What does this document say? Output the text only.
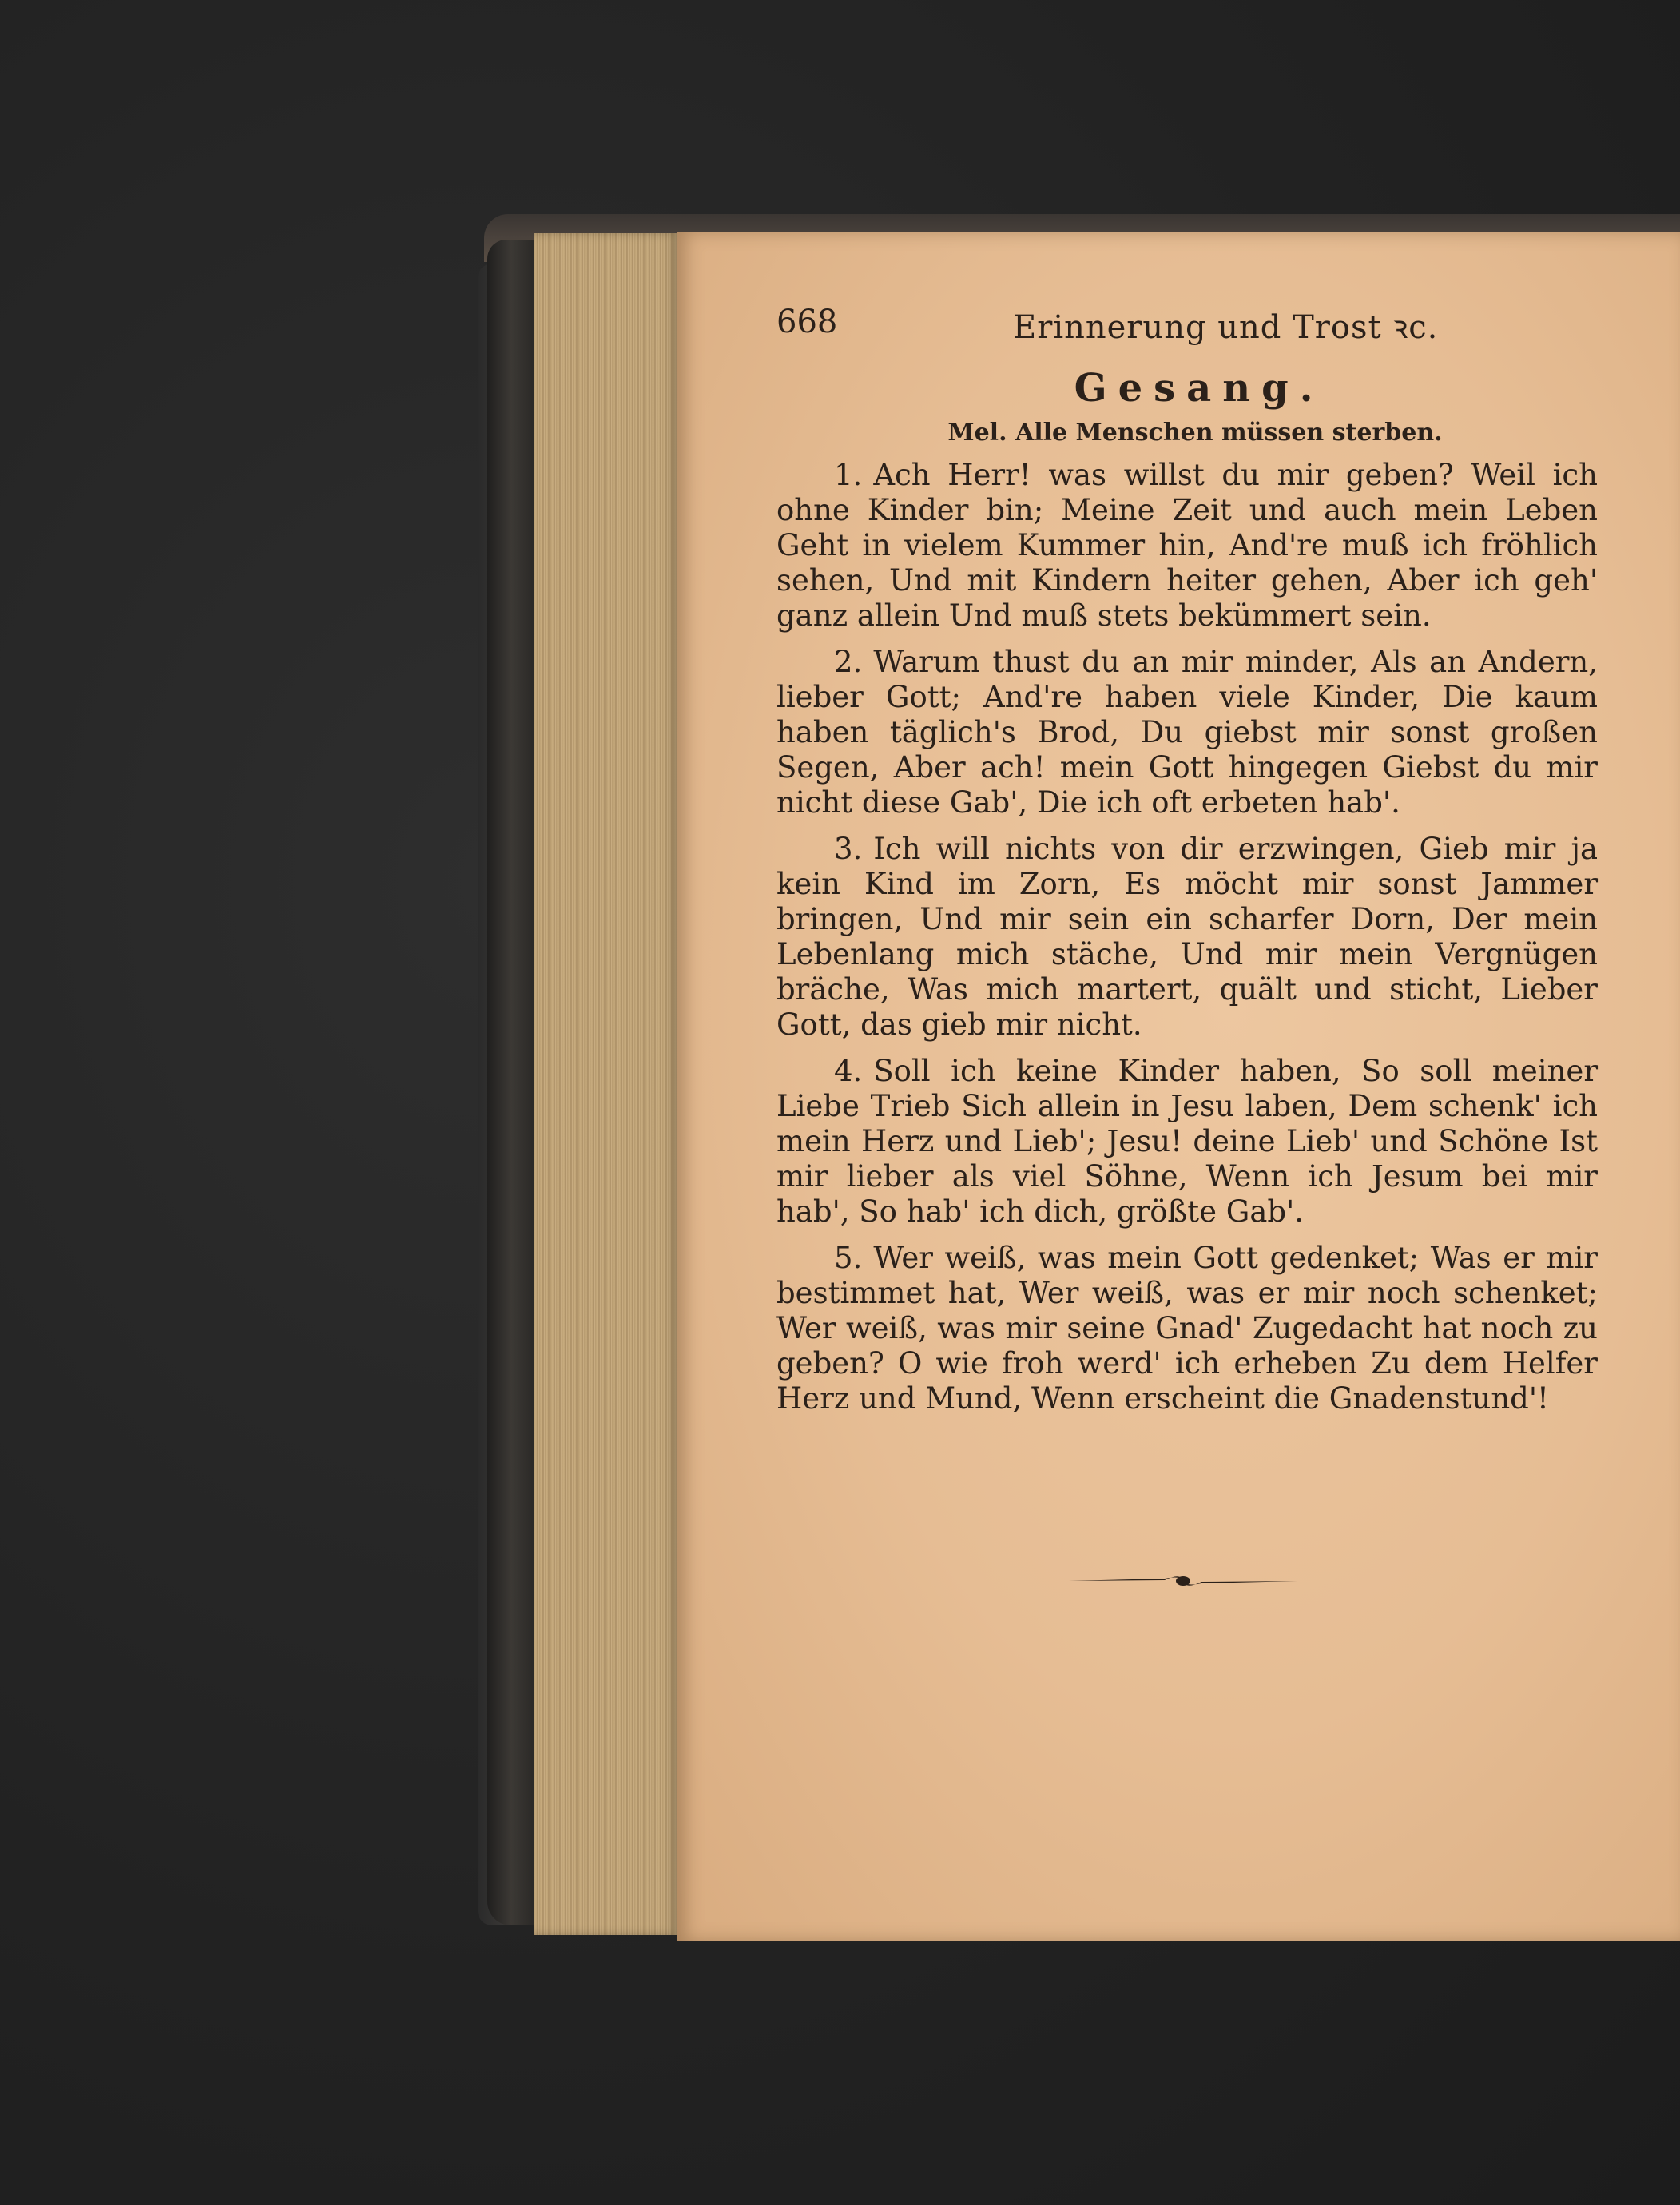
668	Erinnerung und Trost ꝛc.
Gesang.
Mel. Alle Menschen müssen sterben.
1. Ach Herr! was willst du mir geben? Weil ich ohne Kinder bin; Meine Zeit und auch mein Leben Geht in vielem Kummer hin, And're muß ich fröhlich sehen, Und mit Kindern heiter gehen, Aber ich geh' ganz allein Und muß stets bekümmert sein.
2. Warum thust du an mir minder, Als an Andern, lieber Gott; And're haben viele Kinder, Die kaum haben täglich's Brod, Du giebst mir sonst großen Segen, Aber ach! mein Gott hingegen Giebst du mir nicht diese Gab', Die ich oft erbeten hab'.
3. Ich will nichts von dir erzwingen, Gieb mir ja kein Kind im Zorn, Es möcht mir sonst Jammer bringen, Und mir sein ein scharfer Dorn, Der mein Lebenlang mich stäche, Und mir mein Vergnügen bräche, Was mich martert, quält und sticht, Lieber Gott, das gieb mir nicht.
4. Soll ich keine Kinder haben, So soll meiner Liebe Trieb Sich allein in Jesu laben, Dem schenk' ich mein Herz und Lieb'; Jesu! deine Lieb' und Schöne Ist mir lieber als viel Söhne, Wenn ich Jesum bei mir hab', So hab' ich dich, größte Gab'.
5. Wer weiß, was mein Gott gedenket; Was er mir bestimmet hat, Wer weiß, was er mir noch schenket; Wer weiß, was mir seine Gnad' Zugedacht hat noch zu geben? O wie froh werd' ich erheben Zu dem Helfer Herz und Mund, Wenn erscheint die Gnadenstund'!
